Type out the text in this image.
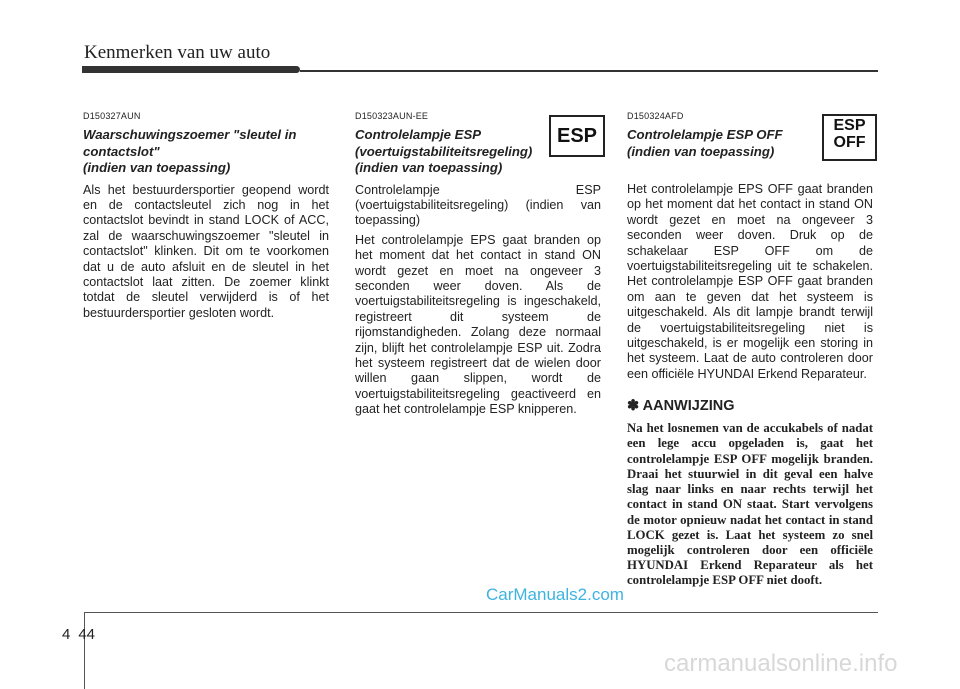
Kenmerken van uw auto
D150327AUN
Waarschuwingszoemer "sleutel in
contactslot"
(indien van toepassing)

Als het bestuurdersportier geopend wordt en de contactsleutel zich nog in het contactslot bevindt in stand LOCK of ACC, zal de waarschuwingszoemer "sleutel in contactslot" klinken. Dit om te voorkomen dat u de auto afsluit en de sleutel in het contactslot laat zitten. De zoemer klinkt totdat de sleutel verwijderd is of het bestuurdersportier gesloten wordt.

D150323AUN-EE
Controlelampje ESP
(voertuigstabiliteitsregeling)
(indien van toepassing)

Controlelampje ESP (voertuigstabiliteitsregeling) (indien van toepassing)

Het controlelampje EPS gaat branden op het moment dat het contact in stand ON wordt gezet en moet na ongeveer 3 seconden weer doven. Als de voertuigstabiliteitsregeling is ingeschakeld, registreert dit systeem de rijomstandigheden. Zolang deze normaal zijn, blijft het controlelampje ESP uit. Zodra het systeem registreert dat de wielen door willen gaan slippen, wordt de voertuigstabiliteitsregeling geactiveerd en gaat het controlelampje ESP knipperen.

ESP
D150324AFD
Controlelampje ESP OFF
(indien van toepassing)

Het controlelampje EPS OFF gaat branden op het moment dat het contact in stand ON wordt gezet en moet na ongeveer 3 seconden weer doven. Druk op de schakelaar ESP OFF om de voertuigstabiliteitsregeling uit te schakelen. Het controlelampje ESP OFF gaat branden om aan te geven dat het systeem is uitgeschakeld. Als dit lampje brandt terwijl de voertuigstabiliteitsregeling niet is uitgeschakeld, is er mogelijk een storing in het systeem. Laat de auto controleren door een officiële HYUNDAI Erkend Reparateur.

✽ AANWIJZING
Na het losnemen van de accukabels of nadat een lege accu opgeladen is, gaat het controlelampje ESP OFF mogelijk branden. Draai het stuurwiel in dit geval een halve slag naar links en naar rechts terwijl het contact in stand ON staat. Start vervolgens de motor opnieuw nadat het contact in stand LOCK gezet is. Laat het systeem zo snel mogelijk controleren door een officiële HYUNDAI Erkend Reparateur als het controlelampje ESP OFF niet dooft.
ESP
OFF
CarManuals2.com
4 44
carmanualsonline.info
